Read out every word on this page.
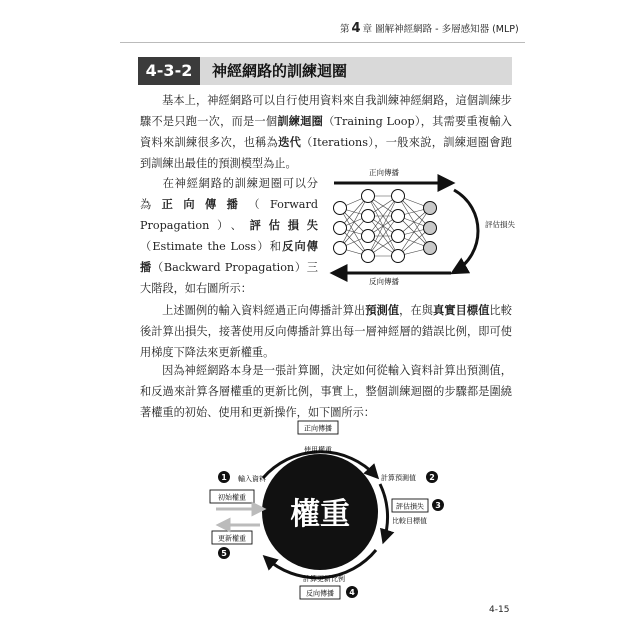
第 4 章 圖解神經網路 - 多層感知器 (MLP)
4-3-2	神經網路的訓練迴圈

基本上，神經網路可以自行使用資料來自我訓練神經網路，這個訓練步驟不是只跑一次，而是一個訓練迴圈（Training Loop），其需要重複輸入資料來訓練很多次，也稱為迭代（Iterations），一般來說，訓練迴圈會跑到訓練出最佳的預測模型為止。

在神經網路的訓練迴圈可以分為正向傳播（Forward Propagation）、評估損失（Estimate the Loss）和反向傳播（Backward Propagation）三大階段，如右圖所示：

正向傳播
評估損失
反向傳播

上述圖例的輸入資料經過正向傳播計算出預測值，在與真實目標值比較後計算出損失，接著使用反向傳播計算出每一層神經層的錯誤比例，即可使用梯度下降法來更新權重。

因為神經網路本身是一張計算圖，決定如何從輸入資料計算出預測值，和反過來計算各層權重的更新比例，事實上，整個訓練迴圈的步驟都是圍繞著權重的初始、使用和更新操作，如下圖所示：

正向傳播
權重
使用權重
計算更新比例
1 輸入資料
初始權重
計算預測值 2
評估損失 3
比較目標值
更新權重
5
反向傳播 4
4-15
